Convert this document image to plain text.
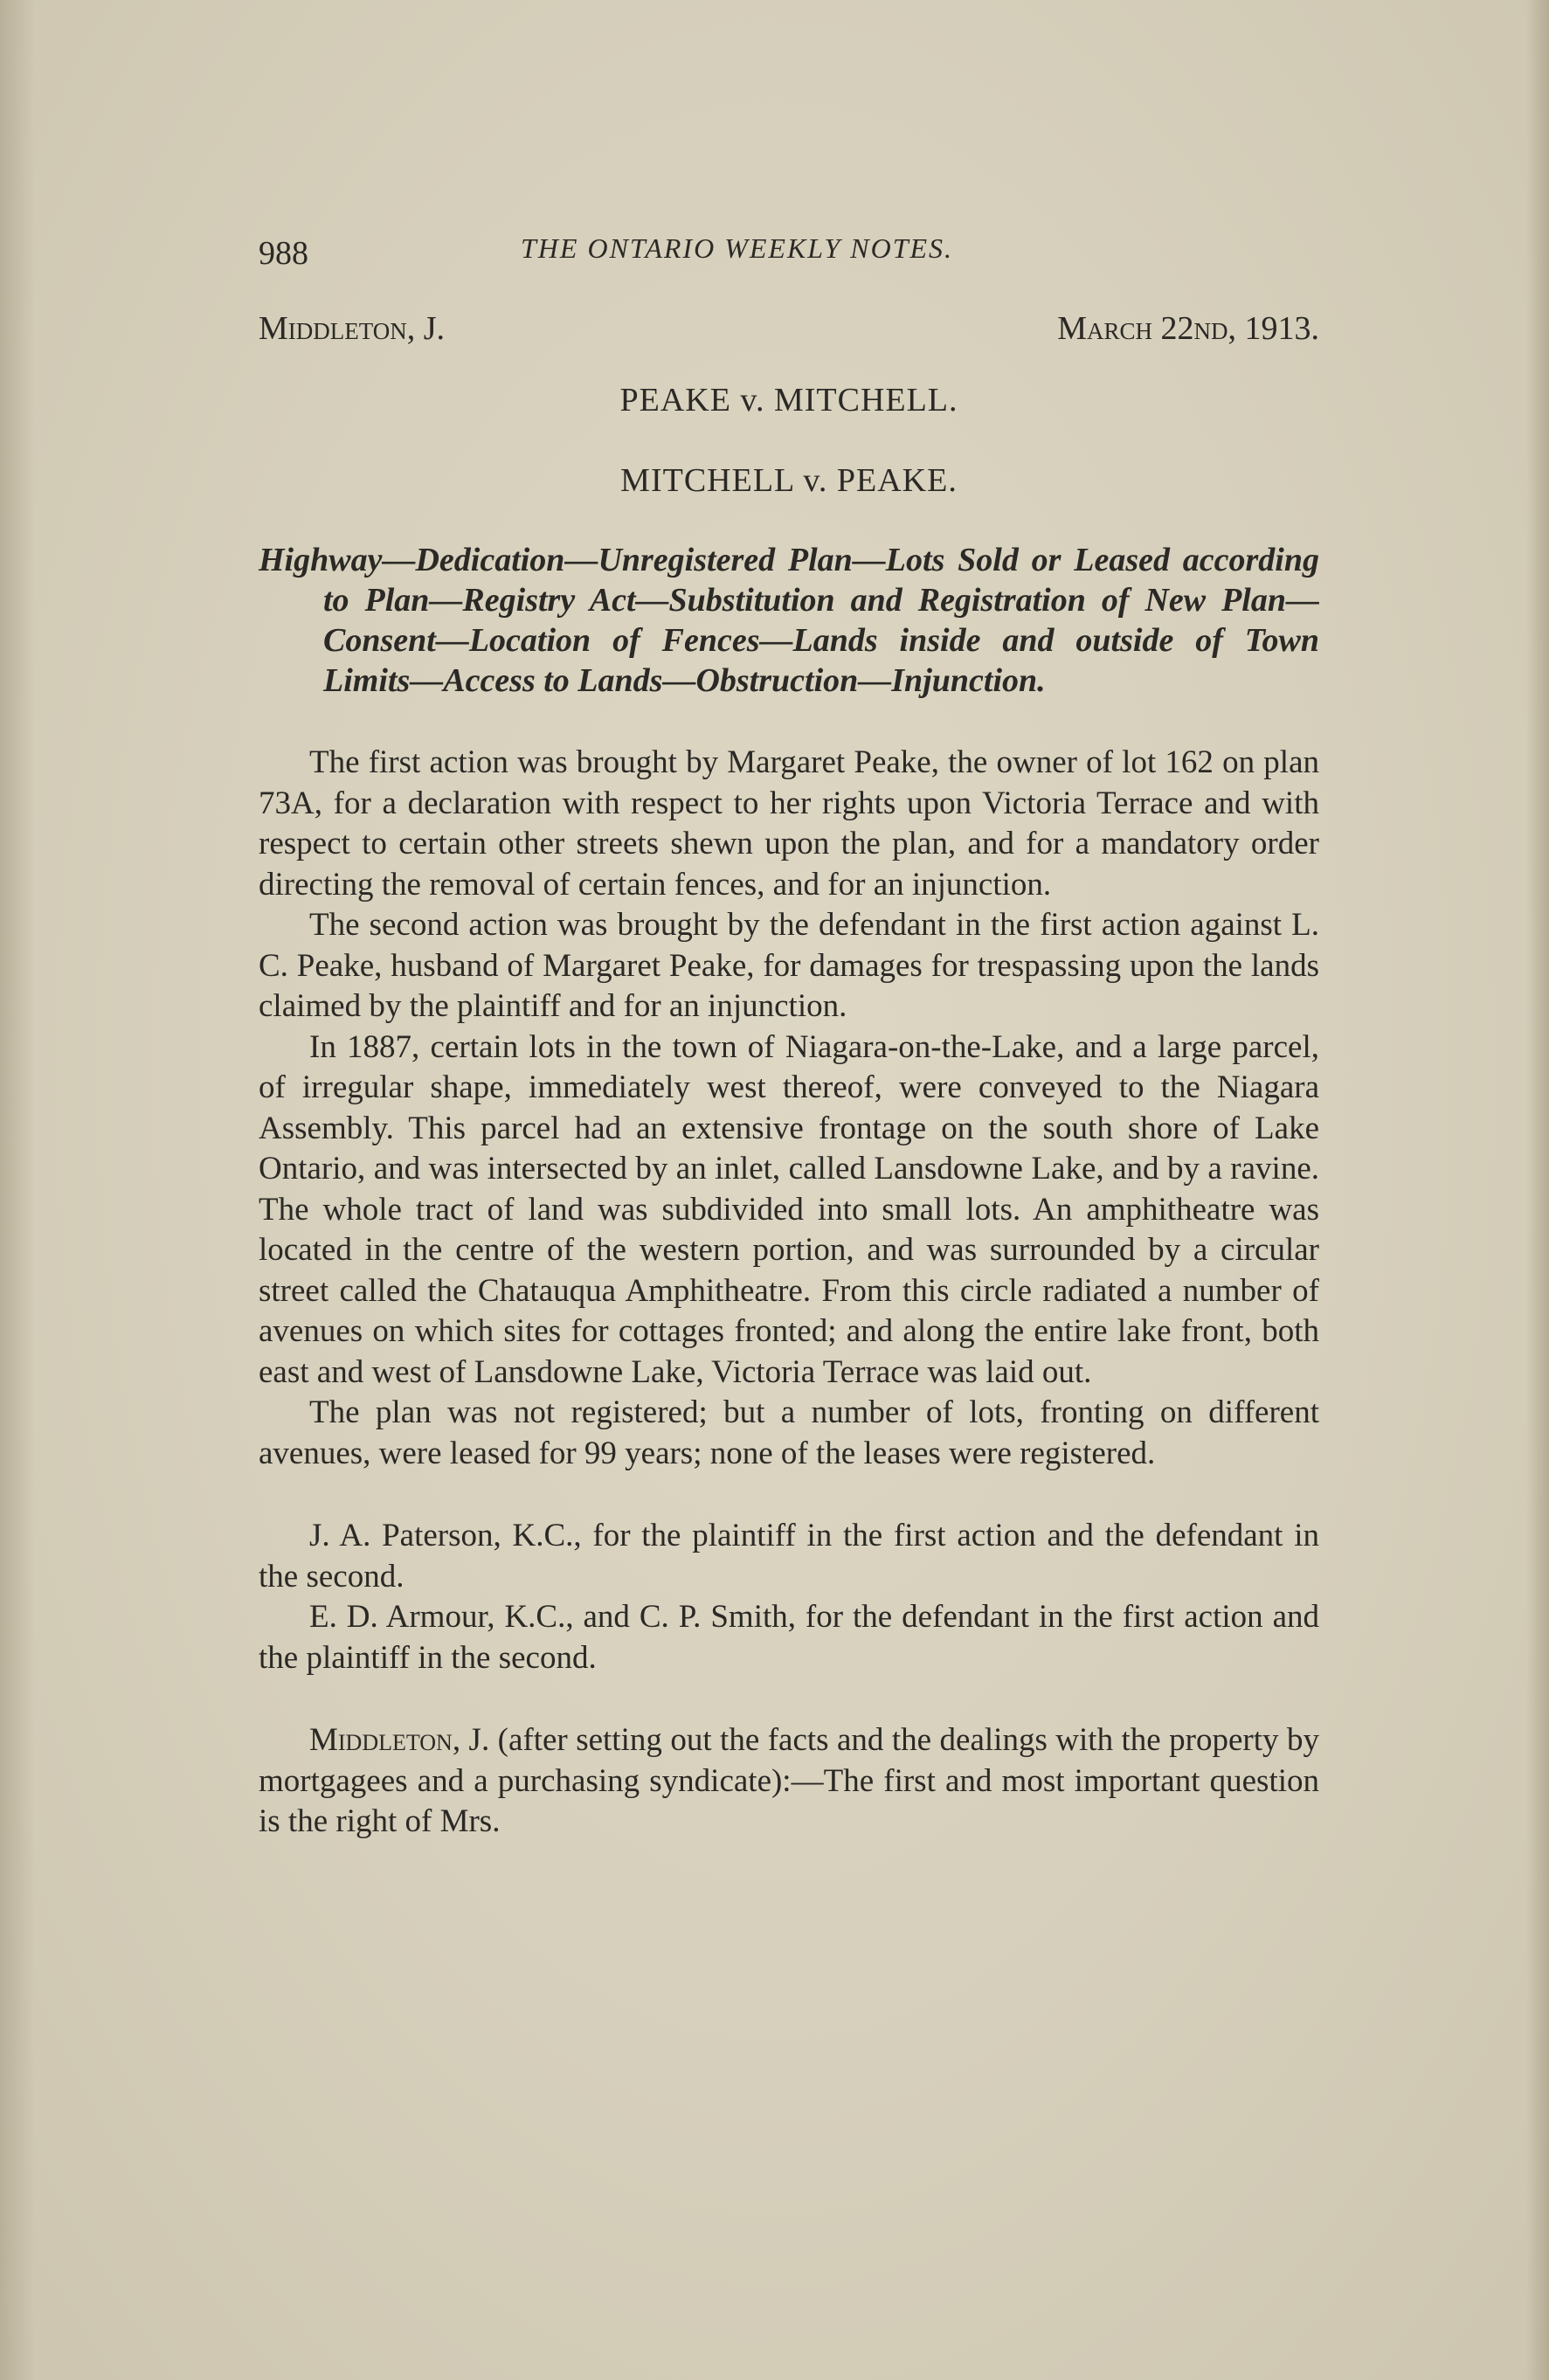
988	THE ONTARIO WEEKLY NOTES.
Middleton, J.	March 22nd, 1913.
PEAKE v. MITCHELL.
MITCHELL v. PEAKE.
Highway—Dedication—Unregistered Plan—Lots Sold or Leased according to Plan—Registry Act—Substitution and Registration of New Plan—Consent—Location of Fences—Lands inside and outside of Town Limits—Access to Lands—Obstruction—Injunction.

The first action was brought by Margaret Peake, the owner of lot 162 on plan 73A, for a declaration with respect to her rights upon Victoria Terrace and with respect to certain other streets shewn upon the plan, and for a mandatory order directing the removal of certain fences, and for an injunction.

The second action was brought by the defendant in the first action against L. C. Peake, husband of Margaret Peake, for damages for trespassing upon the lands claimed by the plaintiff and for an injunction.

In 1887, certain lots in the town of Niagara-on-the-Lake, and a large parcel, of irregular shape, immediately west thereof, were conveyed to the Niagara Assembly. This parcel had an extensive frontage on the south shore of Lake Ontario, and was intersected by an inlet, called Lansdowne Lake, and by a ravine. The whole tract of land was subdivided into small lots. An amphitheatre was located in the centre of the western portion, and was surrounded by a circular street called the Chatauqua Amphitheatre. From this circle radiated a number of avenues on which sites for cottages fronted; and along the entire lake front, both east and west of Lansdowne Lake, Victoria Terrace was laid out.

The plan was not registered; but a number of lots, fronting on different avenues, were leased for 99 years; none of the leases were registered.

J. A. Paterson, K.C., for the plaintiff in the first action and the defendant in the second.

E. D. Armour, K.C., and C. P. Smith, for the defendant in the first action and the plaintiff in the second.

Middleton, J. (after setting out the facts and the dealings with the property by mortgagees and a purchasing syndicate):—The first and most important question is the right of Mrs.
